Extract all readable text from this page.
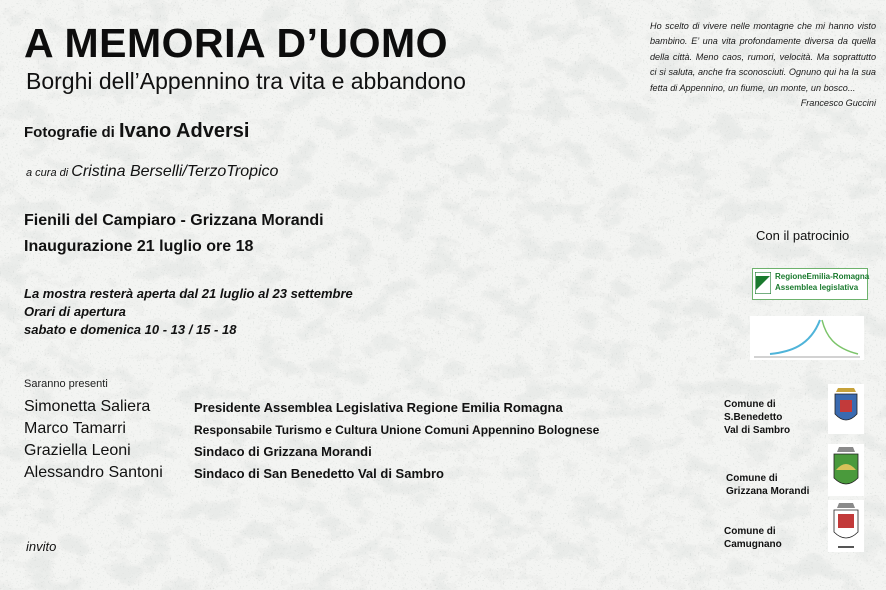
A MEMORIA D’UOMO
Borghi dell’Appennino tra vita e abbandono
Fotografie di Ivano Adversi
a cura di Cristina Berselli/TerzoTropico
Fienili del Campiaro - Grizzana Morandi
Inaugurazione 21 luglio ore 18
La mostra resterà aperta dal 21 luglio al 23 settembre
Orari di apertura
sabato e domenica 10 - 13 / 15 - 18
Saranno presenti
Simonetta Saliera	Presidente Assemblea Legislativa Regione Emilia Romagna
Marco Tamarri	Responsabile Turismo e Cultura Unione Comuni Appennino Bolognese
Graziella Leoni	Sindaco di Grizzana Morandi
Alessandro Santoni Sindaco di San Benedetto Val di Sambro
invito
Ho scelto di vivere nelle montagne che mi hanno visto bambino. E’ una vita profondamente diversa da quella della città. Meno caos, rumori, velocità. Ma soprattutto ci si saluta, anche fra sconosciuti. Ognuno qui ha la sua fetta di Appennino, un fiume, un monte, un bosco...
Francesco Guccini
Con il patrocinio
RegioneEmilia-Romagna
Assemblea legislativa
Comune di
S.Benedetto
Val di Sambro
Comune di
Grizzana Morandi
Comune di
Camugnano
